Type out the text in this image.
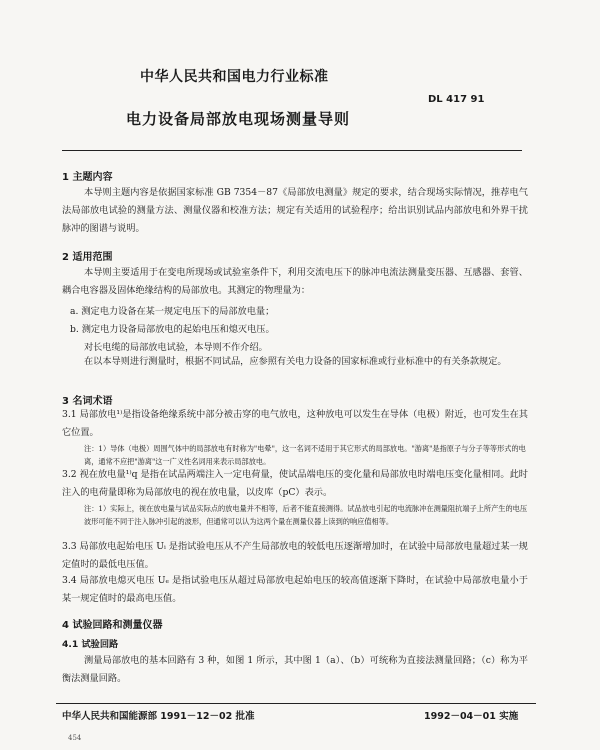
中华人民共和国电力行业标准
DL 417 91
电力设备局部放电现场测量导则
1 主题内容
本导则主题内容是依据国家标准 GB 7354－87《局部放电测量》规定的要求，结合现场实际情况，推荐电气法局部放电试验的测量方法、测量仪器和校准方法；规定有关适用的试验程序；给出识别试品内部放电和外界干扰脉冲的图谱与说明。
2 适用范围
本导则主要适用于在变电所现场或试验室条件下，利用交流电压下的脉冲电流法测量变压器、互感器、套管、耦合电容器及固体绝缘结构的局部放电。其测定的物理量为：
a. 测定电力设备在某一规定电压下的局部放电量；
b. 测定电力设备局部放电的起始电压和熄灭电压。
对长电缆的局部放电试验，本导则不作介绍。
在以本导则进行测量时，根据不同试品，应参照有关电力设备的国家标准或行业标准中的有关条款规定。
3 名词术语
3.1 局部放电¹⁾是指设备绝缘系统中部分被击穿的电气放电，这种放电可以发生在导体（电极）附近，也可发生在其它位置。
注：1）导体（电极）周围气体中的局部放电有时称为"电晕"，这一名词不适用于其它形式的局部放电。"游离"是指原子与分子等等形式的电离，通常不应把"游离"这一广义性名词用来表示局部放电。
3.2 视在放电量¹⁾q 是指在试品两端注入一定电荷量，使试品端电压的变化量和局部放电时端电压变化量相同。此时注入的电荷量即称为局部放电的视在放电量，以皮库（pC）表示。
注：1）实际上，视在放电量与试品实际点的放电量并不相等，后者不能直接测得。试品放电引起的电流脉冲在测量阻抗端子上所产生的电压波形可能不同于注入脉冲引起的波形，但通常可以认为这两个量在测量仪器上读到的响应值相等。
3.3 局部放电起始电压 Uᵢ 是指试验电压从不产生局部放电的较低电压逐渐增加时，在试验中局部放电量超过某一规定值时的最低电压值。
3.4 局部放电熄灭电压 Uₑ 是指试验电压从超过局部放电起始电压的较高值逐渐下降时，在试验中局部放电量小于某一规定值时的最高电压值。
4 试验回路和测量仪器
4.1 试验回路
测量局部放电的基本回路有 3 种，如图 1 所示，其中图 1（a）、（b）可统称为直接法测量回路；（c）称为平衡法测量回路。
中华人民共和国能源部 1991－12－02 批准	1992－04－01 实施
454
